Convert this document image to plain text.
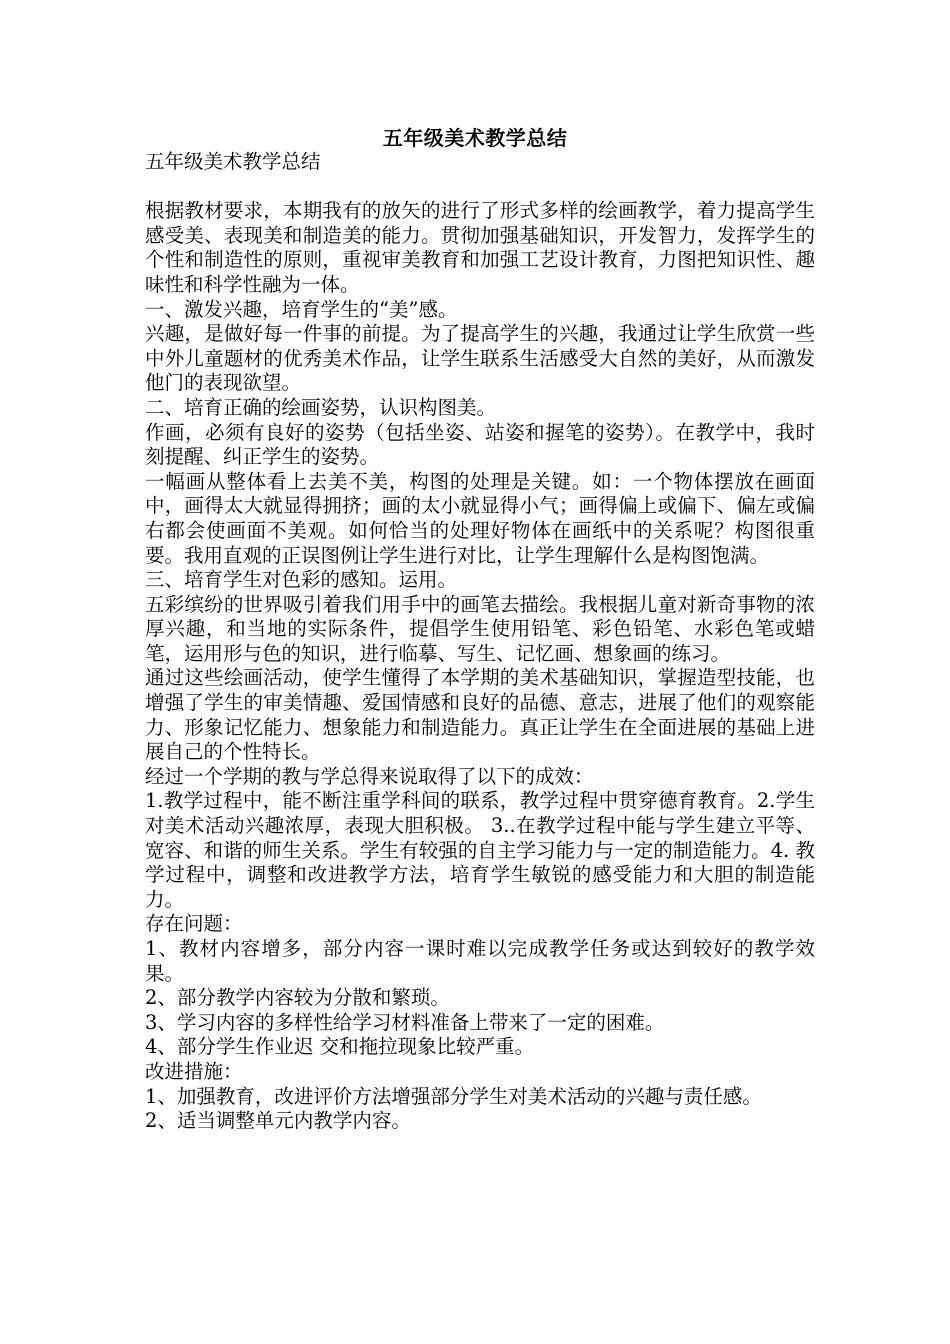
五年级美术教学总结

五年级美术教学总结

根据教材要求，本期我有的放矢的进行了形式多样的绘画教学，着力提高学生感受美、表现美和制造美的能力。贯彻加强基础知识，开发智力，发挥学生的个性和制造性的原则，重视审美教育和加强工艺设计教育，力图把知识性、趣味性和科学性融为一体。

一、激发兴趣，培育学生的“美”感。

兴趣，是做好每一件事的前提。为了提高学生的兴趣，我通过让学生欣赏一些中外儿童题材的优秀美术作品，让学生联系生活感受大自然的美好，从而激发他门的表现欲望。

二、培育正确的绘画姿势，认识构图美。

作画，必须有良好的姿势（包括坐姿、站姿和握笔的姿势）。在教学中，我时刻提醒、纠正学生的姿势。

一幅画从整体看上去美不美，构图的处理是关键。如：一个物体摆放在画面中，画得太大就显得拥挤；画的太小就显得小气；画得偏上或偏下、偏左或偏右都会使画面不美观。如何恰当的处理好物体在画纸中的关系呢？构图很重要。我用直观的正误图例让学生进行对比，让学生理解什么是构图饱满。

三、培育学生对色彩的感知。运用。

五彩缤纷的世界吸引着我们用手中的画笔去描绘。我根据儿童对新奇事物的浓厚兴趣，和当地的实际条件，提倡学生使用铅笔、彩色铅笔、水彩色笔或蜡笔，运用形与色的知识，进行临摹、写生、记忆画、想象画的练习。

通过这些绘画活动，使学生懂得了本学期的美术基础知识，掌握造型技能，也增强了学生的审美情趣、爱国情感和良好的品德、意志，进展了他们的观察能力、形象记忆能力、想象能力和制造能力。真正让学生在全面进展的基础上进展自己的个性特长。

经过一个学期的教与学总得来说取得了以下的成效：

1.教学过程中，能不断注重学科间的联系，教学过程中贯穿德育教育。2.学生对美术活动兴趣浓厚，表现大胆积极。 3..在教学过程中能与学生建立平等、宽容、和谐的师生关系。学生有较强的自主学习能力与一定的制造能力。4. 教学过程中，调整和改进教学方法，培育学生敏锐的感受能力和大胆的制造能力。

存在问题：

1、教材内容增多，部分内容一课时难以完成教学任务或达到较好的教学效果。

2、部分教学内容较为分散和繁琐。

3、学习内容的多样性给学习材料准备上带来了一定的困难。

4、部分学生作业迟 交和拖拉现象比较严重。

改进措施：

1、加强教育，改进评价方法增强部分学生对美术活动的兴趣与责任感。

2、适当调整单元内教学内容。
